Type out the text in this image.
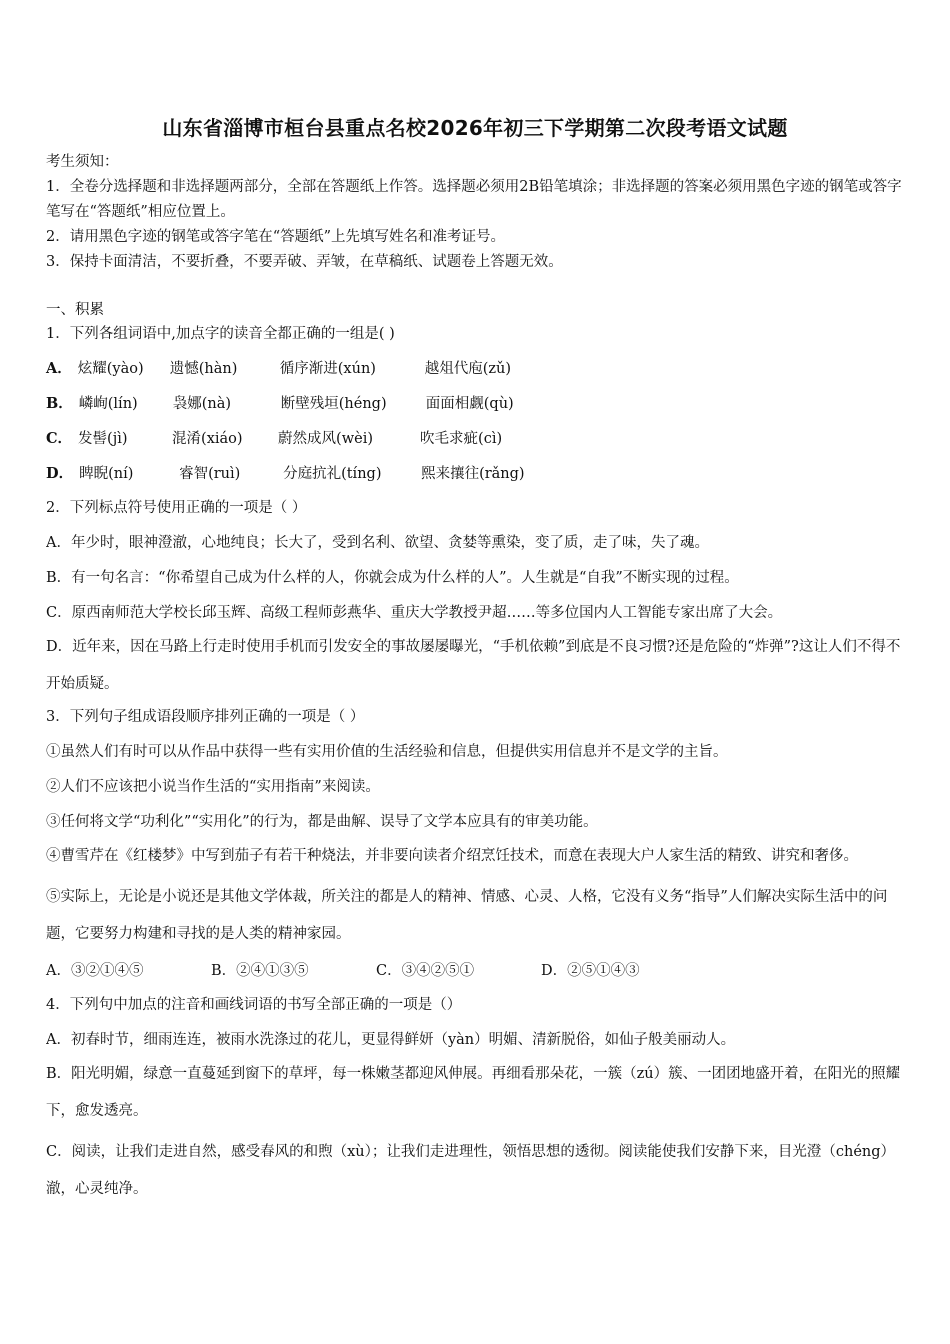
山东省淄博市桓台县重点名校2026年初三下学期第二次段考语文试题

考生须知：

1．全卷分选择题和非选择题两部分，全部在答题纸上作答。选择题必须用2B铅笔填涂；非选择题的答案必须用黑色字迹的钢笔或答字笔写在“答题纸”相应位置上。

2．请用黑色字迹的钢笔或答字笔在“答题纸”上先填写姓名和准考证号。

3．保持卡面清洁，不要折叠，不要弄破、弄皱，在草稿纸、试题卷上答题无效。

一、积累
1．下列各组词语中,加点字的读音全都正确的一组是( )
A． 炫耀(yào)	遗憾(hàn)	循序渐进(xún)	越俎代庖(zǔ)
B． 嶙峋(lín)	袅娜(nà)	断壁残垣(héng)	面面相觑(qù)
C． 发髻(jì)	混淆(xiáo)	蔚然成风(wèi)	吹毛求疵(cì)
D． 睥睨(ní)	睿智(ruì)	分庭抗礼(tíng)	熙来攘往(rǎng)
2．下列标点符号使用正确的一项是（ ）
A．年少时，眼神澄澈，心地纯良；长大了，受到名利、欲望、贪婪等熏染，变了质，走了味，失了魂。
B．有一句名言：“你希望自己成为什么样的人，你就会成为什么样的人”。人生就是“自我”不断实现的过程。
C．原西南师范大学校长邱玉辉、高级工程师彭燕华、重庆大学教授尹超……等多位国内人工智能专家出席了大会。
D．近年来，因在马路上行走时使用手机而引发安全的事故屡屡曝光，“手机依赖”到底是不良习惯?还是危险的“炸弹”?这让人们不得不开始质疑。
3．下列句子组成语段顺序排列正确的一项是（ ）
①虽然人们有时可以从作品中获得一些有实用价值的生活经验和信息，但提供实用信息并不是文学的主旨。
②人们不应该把小说当作生活的“实用指南”来阅读。
③任何将文学“功利化”“实用化”的行为，都是曲解、误导了文学本应具有的审美功能。
④曹雪芹在《红楼梦》中写到茄子有若干种烧法，并非要向读者介绍烹饪技术，而意在表现大户人家生活的精致、讲究和奢侈。
⑤实际上，无论是小说还是其他文学体裁，所关注的都是人的精神、情感、心灵、人格，它没有义务“指导”人们解决实际生活中的问题，它要努力构建和寻找的是人类的精神家园。
A．③②①④⑤	B．②④①③⑤	C．③④②⑤①	D．②⑤①④③
4．下列句中加点的注音和画线词语的书写全部正确的一项是（）
A．初春时节，细雨连连，被雨水洗涤过的花儿，更显得鲜妍（yàn）明媚、清新脱俗，如仙子般美丽动人。
B．阳光明媚，绿意一直蔓延到窗下的草坪，每一株嫩茎都迎风伸展。再细看那朵花，一簇（zú）簇、一团团地盛开着，在阳光的照耀下，愈发透亮。
C．阅读，让我们走进自然，感受春风的和煦（xù）；让我们走进理性，领悟思想的透彻。阅读能使我们安静下来，目光澄（chéng）澈，心灵纯净。
